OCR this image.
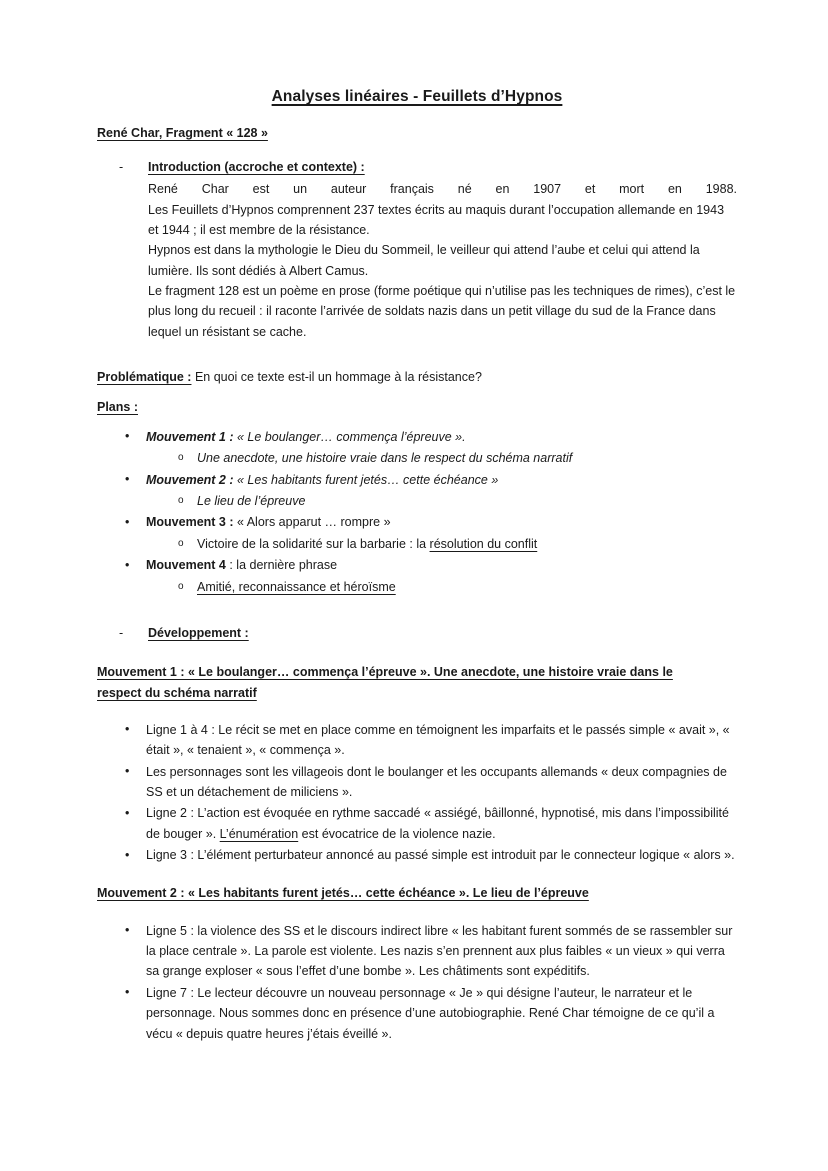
Analyses linéaires - Feuillets d’Hypnos
René Char, Fragment « 128 »
- Introduction (accroche et contexte) :

René Char est un auteur français né en 1907 et mort en 1988.

Les Feuillets d’Hypnos comprennent 237 textes écrits au maquis durant l’occupation allemande en 1943 et 1944 ; il est membre de la résistance.

Hypnos est dans la mythologie le Dieu du Sommeil, le veilleur qui attend l’aube et celui qui attend la lumière. Ils sont dédiés à Albert Camus.

Le fragment 128 est un poème en prose (forme poétique qui n’utilise pas les techniques de rimes), c’est le plus long du recueil : il raconte l’arrivée de soldats nazis dans un petit village du sud de la France dans lequel un résistant se cache.

Problématique : En quoi ce texte est-il un hommage à la résistance?
Plans :
• Mouvement 1 : « Le boulanger… commença l’épreuve ».
o Une anecdote, une histoire vraie dans le respect du schéma narratif
• Mouvement 2 : « Les habitants furent jetés… cette échéance »
o Le lieu de l’épreuve
• Mouvement 3 : « Alors apparut … rompre »
o Victoire de la solidarité sur la barbarie : la résolution du conflit
• Mouvement 4 : la dernière phrase
o Amitié, reconnaissance et héroïsme
- Développement :
Mouvement 1 : « Le boulanger… commença l’épreuve ». Une anecdote, une histoire vraie dans le
respect du schéma narratif
• Ligne 1 à 4 : Le récit se met en place comme en témoignent les imparfaits et le passés simple « avait », « était », « tenaient », « commença ».
• Les personnages sont les villageois dont le boulanger et les occupants allemands « deux compagnies de SS et un détachement de miliciens ».
• Ligne 2 : L’action est évoquée en rythme saccadé « assiégé, bâillonné, hypnotisé, mis dans l’impossibilité de bouger ». L’énumération est évocatrice de la violence nazie.
• Ligne 3 : L’élément perturbateur annoncé au passé simple est introduit par le connecteur logique « alors ».
Mouvement 2 : « Les habitants furent jetés… cette échéance ». Le lieu de l’épreuve
• Ligne 5 : la violence des SS et le discours indirect libre « les habitant furent sommés de se rassembler sur la place centrale ». La parole est violente. Les nazis s’en prennent aux plus faibles « un vieux » qui verra sa grange exploser « sous l’effet d’une bombe ». Les châtiments sont expéditifs.
• Ligne 7 : Le lecteur découvre un nouveau personnage « Je » qui désigne l’auteur, le narrateur et le personnage. Nous sommes donc en présence d’une autobiographie. René Char témoigne de ce qu’il a vécu « depuis quatre heures j’étais éveillé ».
